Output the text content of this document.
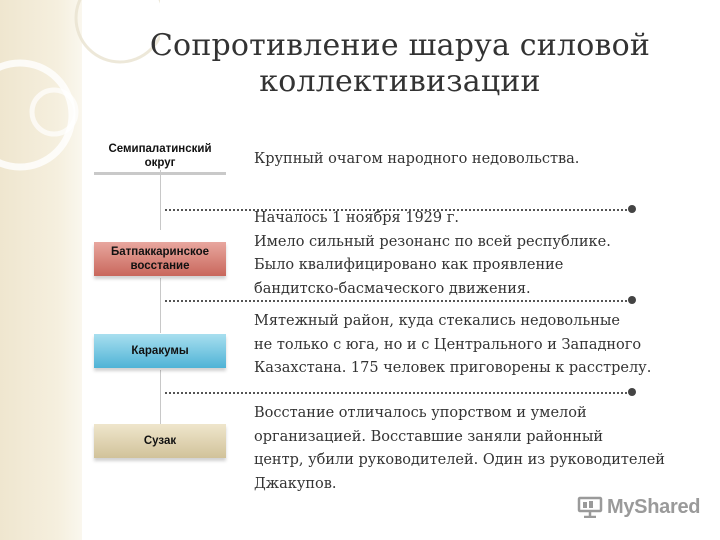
Сопротивление шаруа силовой
коллективизации
Семипалатинский
округ	Крупный очагом народного недовольства.
Батпаккаринское
восстание
Началось 1 ноября 1929 г.
Имело сильный резонанс по всей республике.
Было квалифицировано как проявление
бандитско-басмаческого движения.
Каракумы
Мятежный район, куда стекались недовольные
не только с юга, но и с Центрального и Западного
Казахстана. 175 человек приговорены к расстрелу.
Сузак
Восстание отличалось упорством и умелой
организацией. Восставшие заняли районный
центр, убили руководителей. Один из руководителей
Джакупов.
MyShared
